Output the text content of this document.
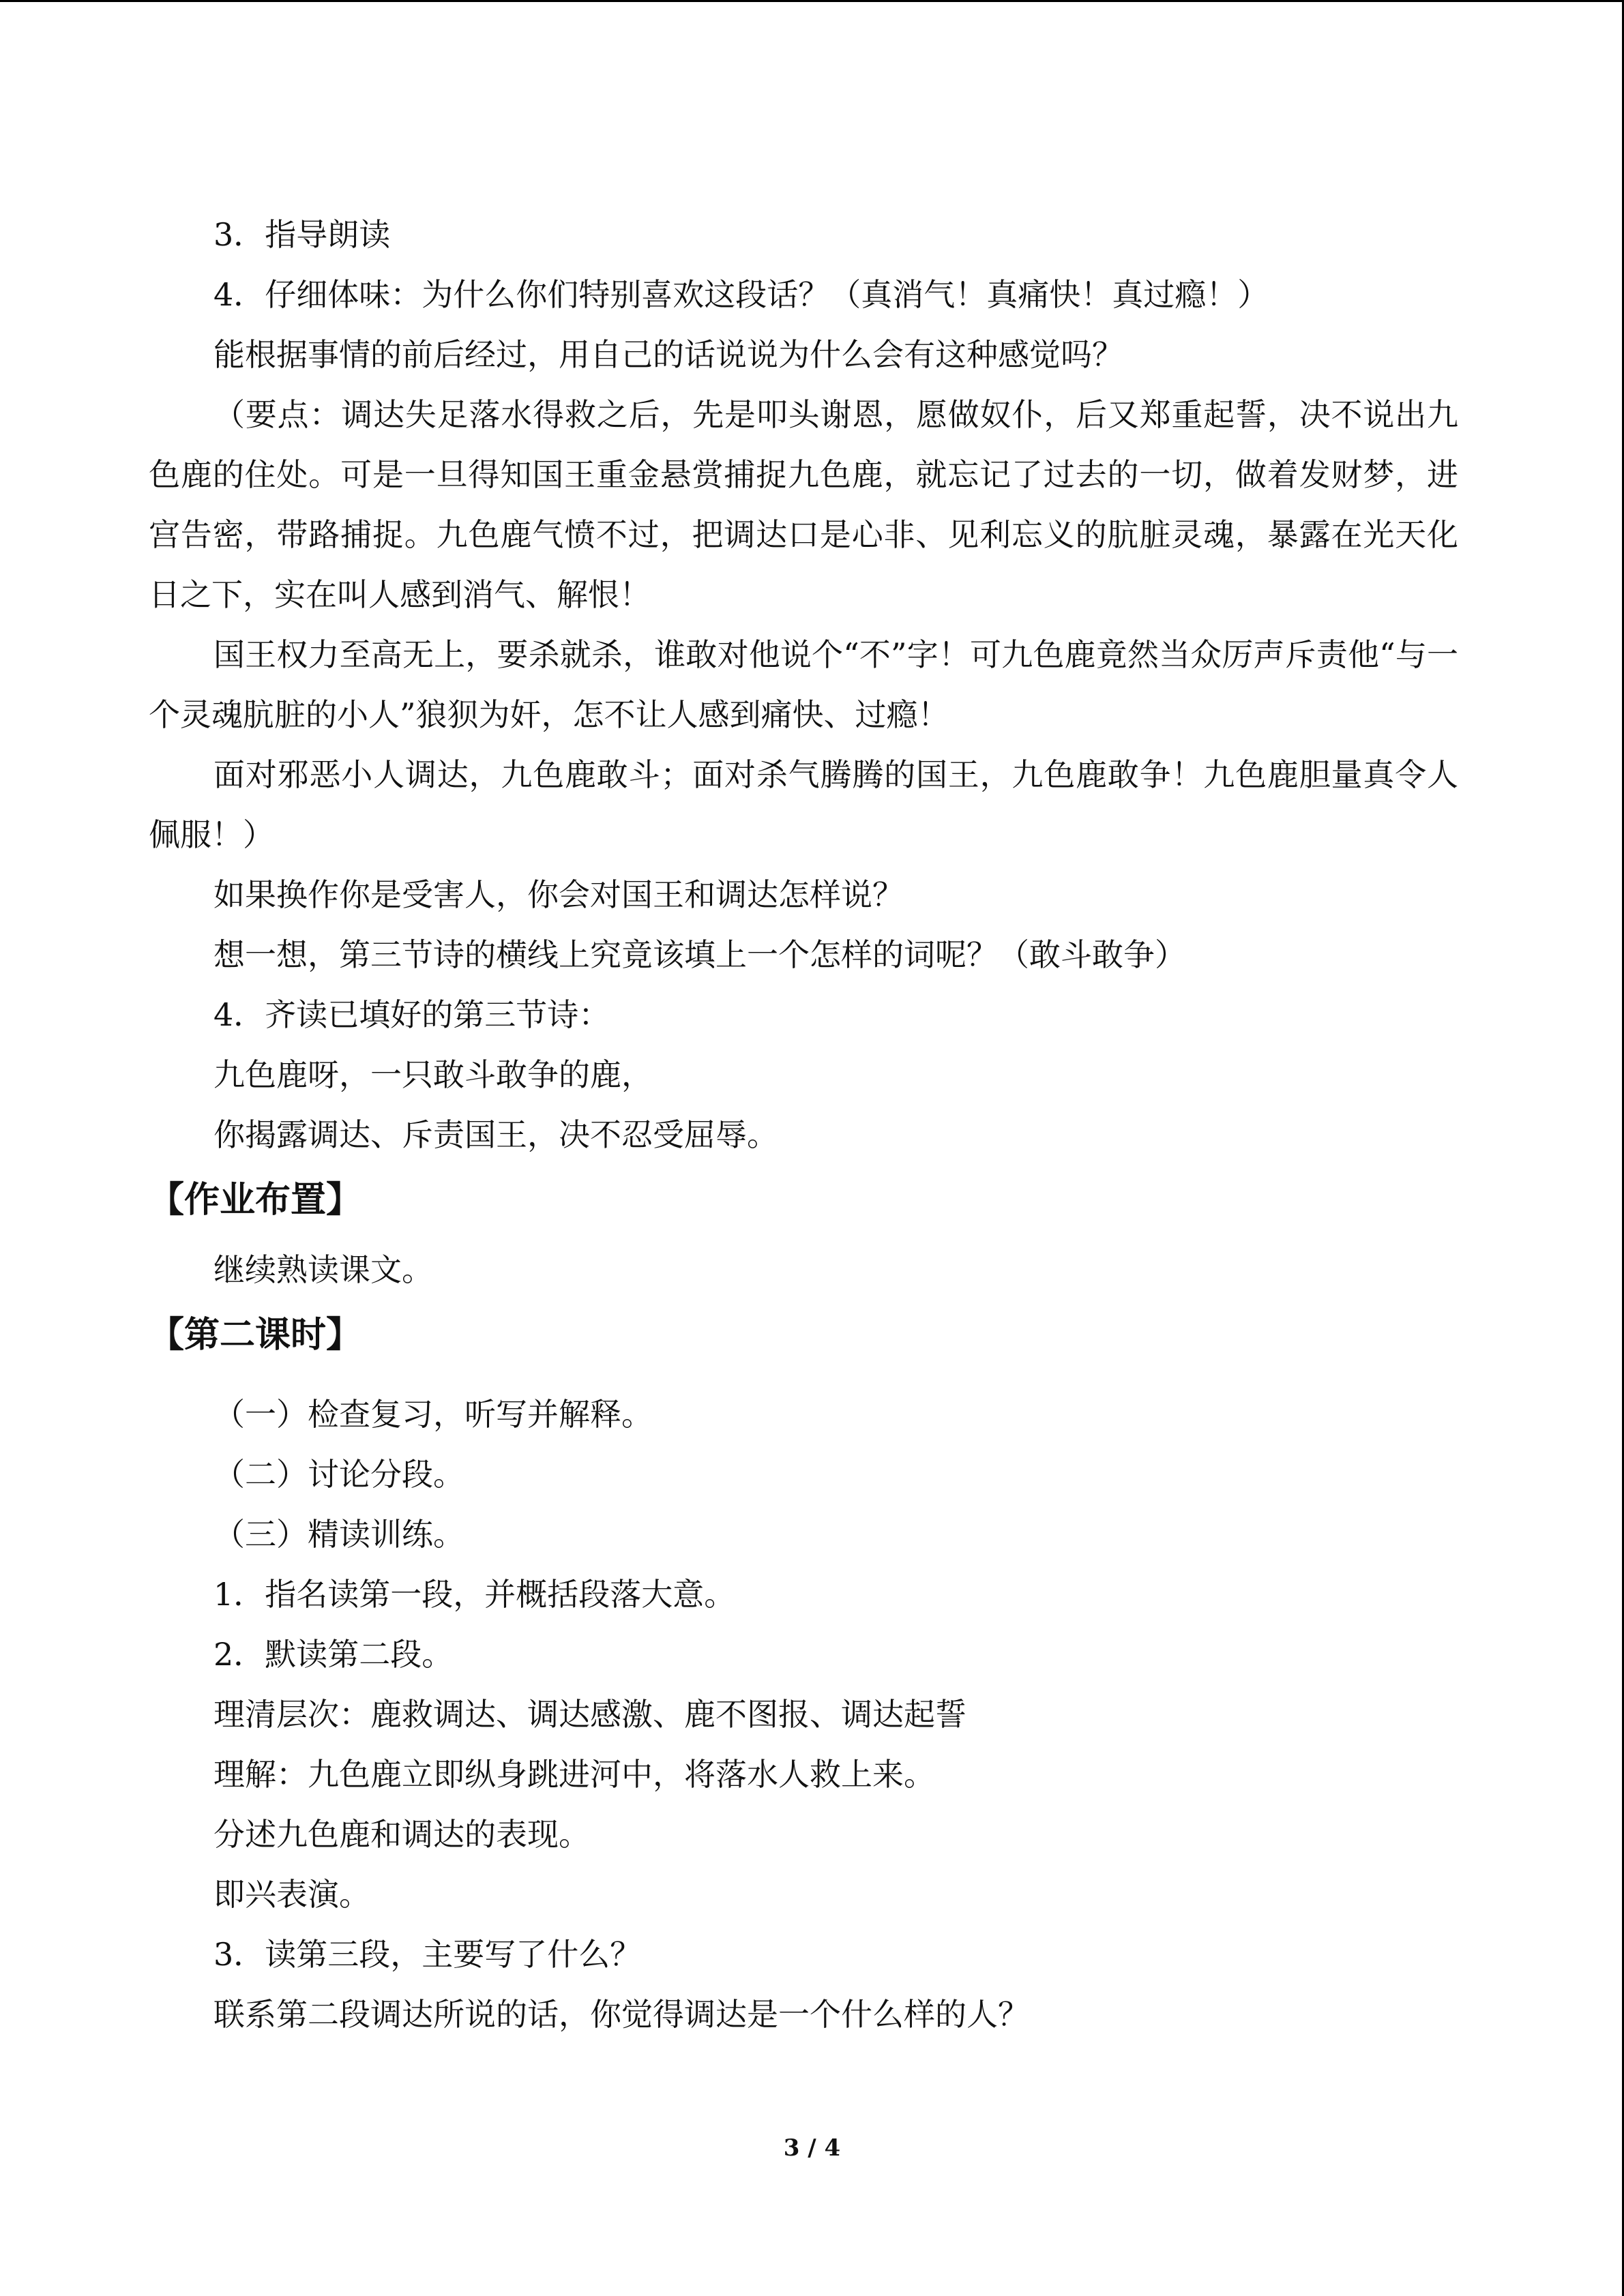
3．指导朗读

4．仔细体味：为什么你们特别喜欢这段话？（真消气！真痛快！真过瘾！）

能根据事情的前后经过，用自己的话说说为什么会有这种感觉吗？

（要点：调达失足落水得救之后，先是叩头谢恩，愿做奴仆，后又郑重起誓，决不说出九色鹿的住处。可是一旦得知国王重金悬赏捕捉九色鹿，就忘记了过去的一切，做着发财梦，进宫告密，带路捕捉。九色鹿气愤不过，把调达口是心非、见利忘义的肮脏灵魂，暴露在光天化日之下，实在叫人感到消气、解恨！

国王权力至高无上，要杀就杀，谁敢对他说个“不”字！可九色鹿竟然当众厉声斥责他“与一个灵魂肮脏的小人”狼狈为奸，怎不让人感到痛快、过瘾！

面对邪恶小人调达，九色鹿敢斗；面对杀气腾腾的国王，九色鹿敢争！九色鹿胆量真令人佩服！）

如果换作你是受害人，你会对国王和调达怎样说？

想一想，第三节诗的横线上究竟该填上一个怎样的词呢？（敢斗敢争）

4．齐读已填好的第三节诗：

九色鹿呀，一只敢斗敢争的鹿，

你揭露调达、斥责国王，决不忍受屈辱。

【作业布置】

继续熟读课文。

【第二课时】

（一）检查复习，听写并解释。

（二）讨论分段。

（三）精读训练。

1．指名读第一段，并概括段落大意。

2．默读第二段。

理清层次：鹿救调达、调达感激、鹿不图报、调达起誓

理解：九色鹿立即纵身跳进河中，将落水人救上来。

分述九色鹿和调达的表现。

即兴表演。

3．读第三段，主要写了什么？

联系第二段调达所说的话，你觉得调达是一个什么样的人？

3 / 4
